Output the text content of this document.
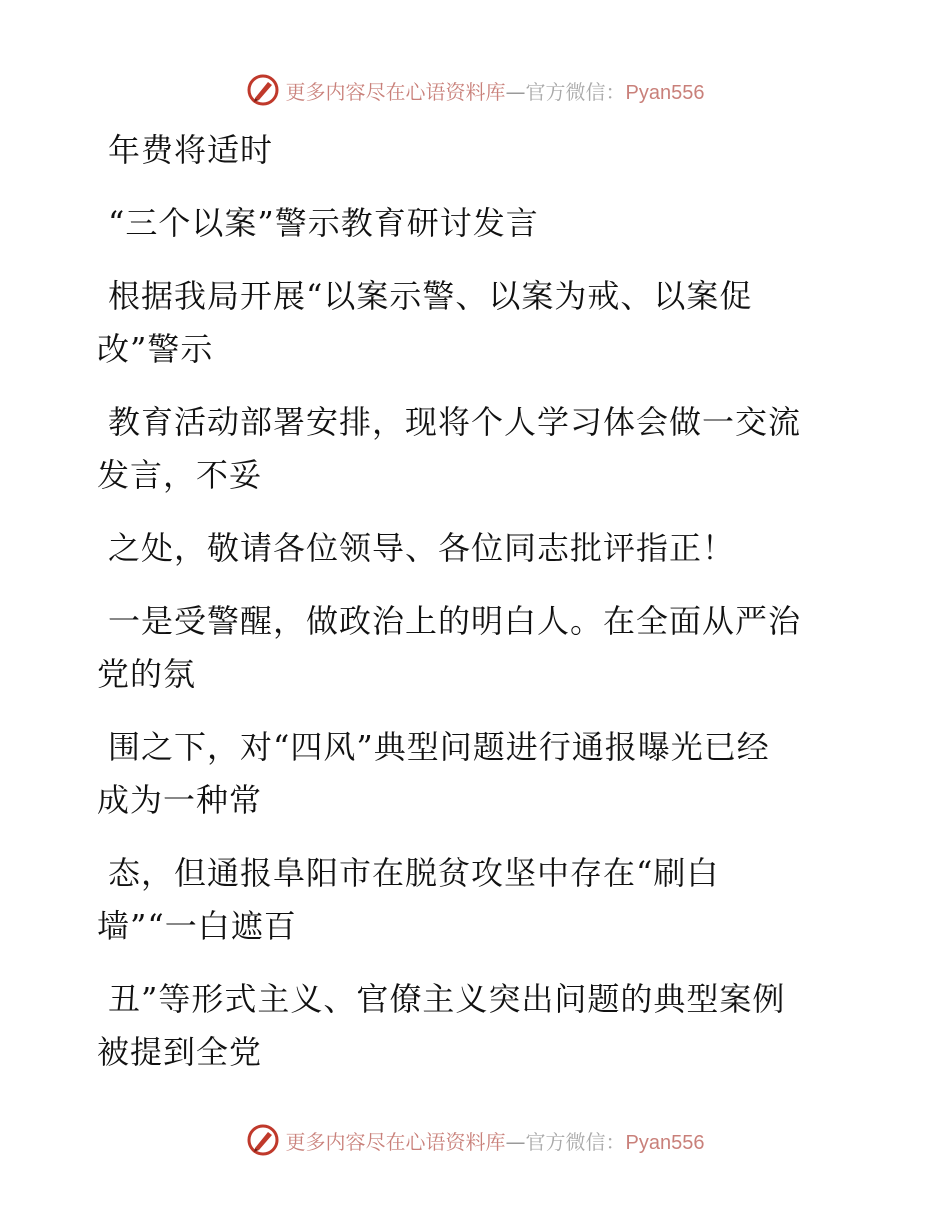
更多内容尽在心语资料库—官方微信：Pyan556
年费将适时
“三个以案”警示教育研讨发言
根据我局开展“以案示警、以案为戒、以案促
改”警示
教育活动部署安排，现将个人学习体会做一交流
发言，不妥
之处，敬请各位领导、各位同志批评指正！
一是受警醒，做政治上的明白人。在全面从严治
党的氛
围之下，对“四风”典型问题进行通报曝光已经
成为一种常
态，但通报阜阳市在脱贫攻坚中存在“刷白
墙”“一白遮百
丑”等形式主义、官僚主义突出问题的典型案例
被提到全党
更多内容尽在心语资料库—官方微信：Pyan556
